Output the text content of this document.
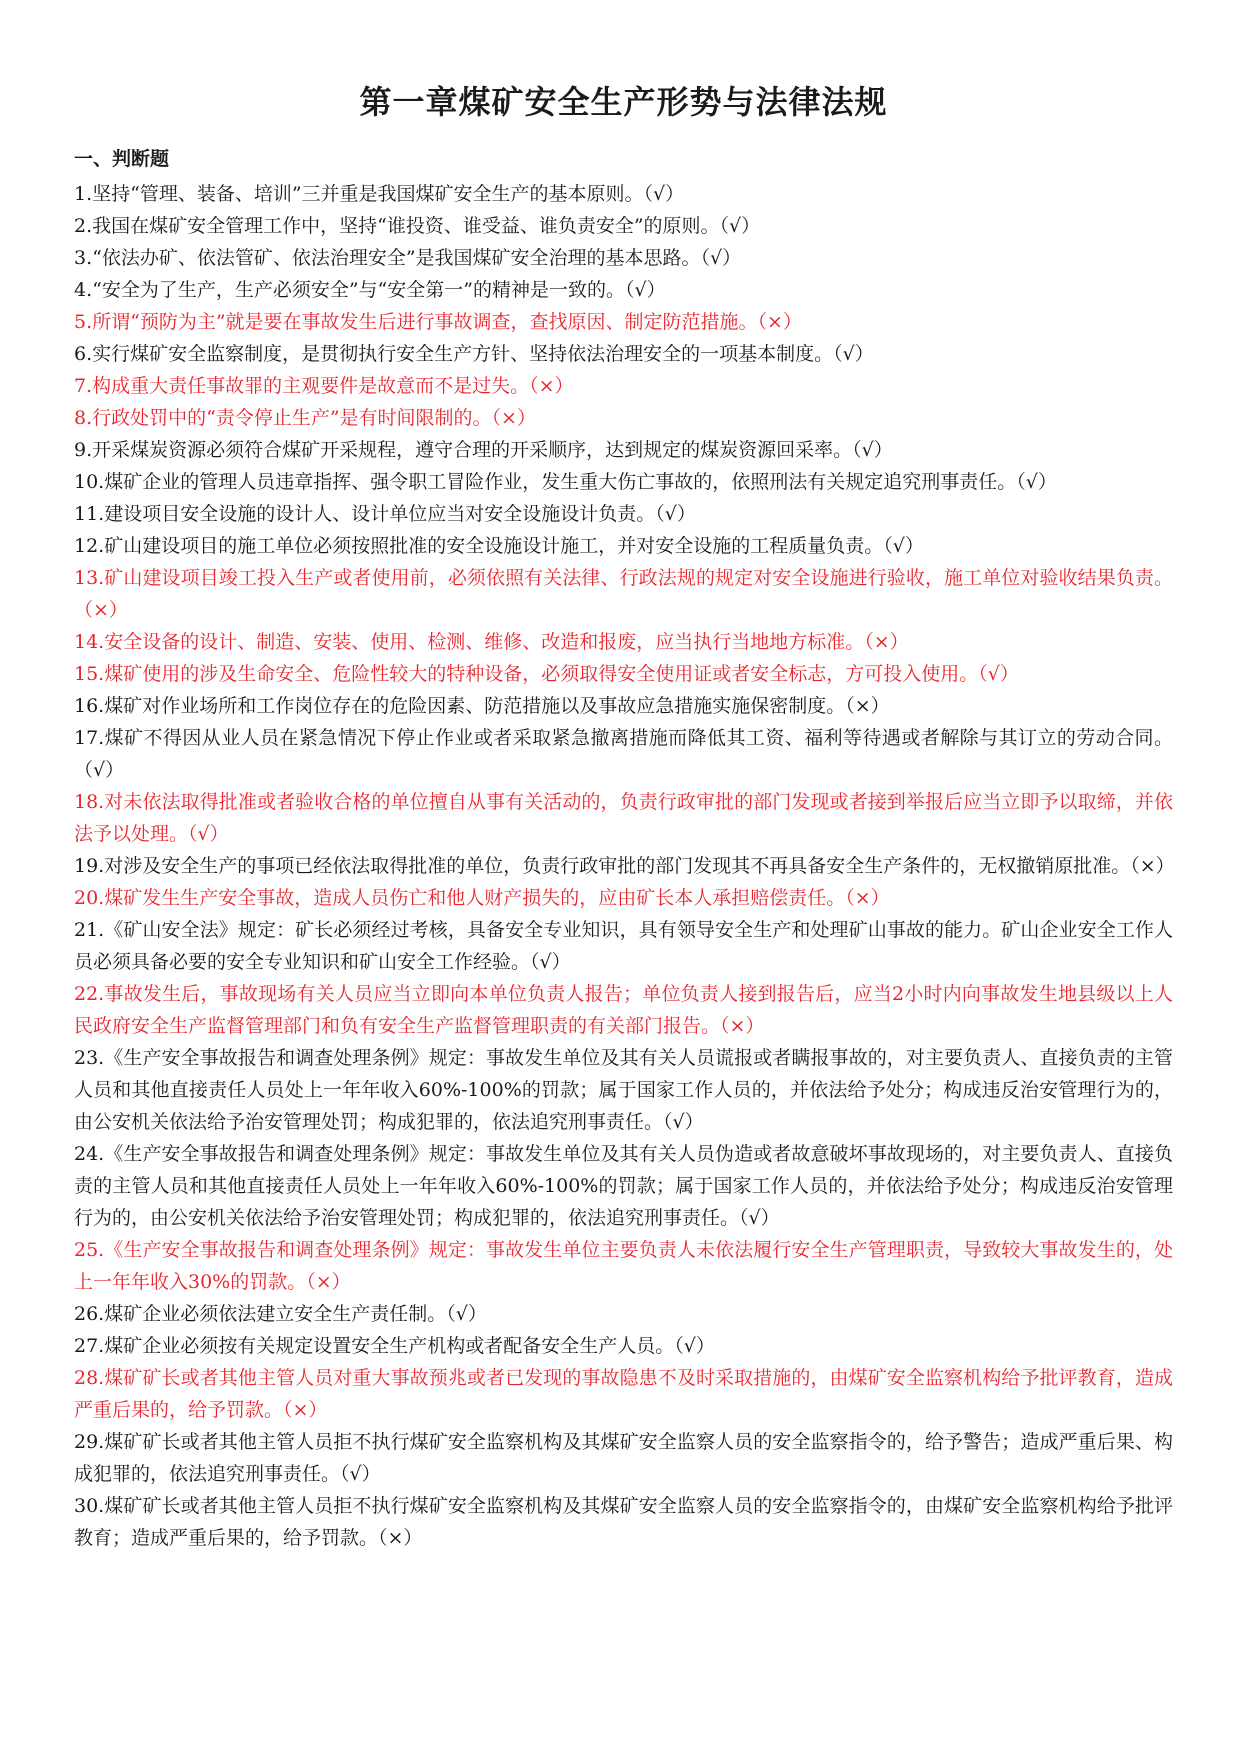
第一章煤矿安全生产形势与法律法规
一、判断题
1.坚持“管理、装备、培训”三并重是我国煤矿安全生产的基本原则。（√）
2.我国在煤矿安全管理工作中，坚持“谁投资、谁受益、谁负责安全”的原则。（√）
3.“依法办矿、依法管矿、依法治理安全”是我国煤矿安全治理的基本思路。（√）
4.“安全为了生产，生产必须安全”与“安全第一”的精神是一致的。（√）
5.所谓“预防为主”就是要在事故发生后进行事故调查，查找原因、制定防范措施。（×）
6.实行煤矿安全监察制度，是贯彻执行安全生产方针、坚持依法治理安全的一项基本制度。（√）
7.构成重大责任事故罪的主观要件是故意而不是过失。（×）
8.行政处罚中的“责令停止生产”是有时间限制的。（×）
9.开采煤炭资源必须符合煤矿开采规程，遵守合理的开采顺序，达到规定的煤炭资源回采率。（√）
10.煤矿企业的管理人员违章指挥、强令职工冒险作业，发生重大伤亡事故的，依照刑法有关规定追究刑事责任。（√）
11.建设项目安全设施的设计人、设计单位应当对安全设施设计负责。（√）
12.矿山建设项目的施工单位必须按照批准的安全设施设计施工，并对安全设施的工程质量负责。（√）
13.矿山建设项目竣工投入生产或者使用前，必须依照有关法律、行政法规的规定对安全设施进行验收，施工单位对验收结果负责。（×）
14.安全设备的设计、制造、安装、使用、检测、维修、改造和报废，应当执行当地地方标准。（×）
15.煤矿使用的涉及生命安全、危险性较大的特种设备，必须取得安全使用证或者安全标志，方可投入使用。（√）
16.煤矿对作业场所和工作岗位存在的危险因素、防范措施以及事故应急措施实施保密制度。（×）
17.煤矿不得因从业人员在紧急情况下停止作业或者采取紧急撤离措施而降低其工资、福利等待遇或者解除与其订立的劳动合同。（√）
18.对未依法取得批准或者验收合格的单位擅自从事有关活动的，负责行政审批的部门发现或者接到举报后应当立即予以取缔，并依法予以处理。（√）
19.对涉及安全生产的事项已经依法取得批准的单位，负责行政审批的部门发现其不再具备安全生产条件的，无权撤销原批准。（×）
20.煤矿发生生产安全事故，造成人员伤亡和他人财产损失的，应由矿长本人承担赔偿责任。（×）
21.《矿山安全法》规定：矿长必须经过考核，具备安全专业知识，具有领导安全生产和处理矿山事故的能力。矿山企业安全工作人员必须具备必要的安全专业知识和矿山安全工作经验。（√）
22.事故发生后，事故现场有关人员应当立即向本单位负责人报告；单位负责人接到报告后，应当2小时内向事故发生地县级以上人民政府安全生产监督管理部门和负有安全生产监督管理职责的有关部门报告。（×）
23.《生产安全事故报告和调查处理条例》规定：事故发生单位及其有关人员谎报或者瞒报事故的，对主要负责人、直接负责的主管人员和其他直接责任人员处上一年年收入60%-100%的罚款；属于国家工作人员的，并依法给予处分；构成违反治安管理行为的，由公安机关依法给予治安管理处罚；构成犯罪的，依法追究刑事责任。（√）
24.《生产安全事故报告和调查处理条例》规定：事故发生单位及其有关人员伪造或者故意破坏事故现场的，对主要负责人、直接负责的主管人员和其他直接责任人员处上一年年收入60%-100%的罚款；属于国家工作人员的，并依法给予处分；构成违反治安管理行为的，由公安机关依法给予治安管理处罚；构成犯罪的，依法追究刑事责任。（√）
25.《生产安全事故报告和调查处理条例》规定：事故发生单位主要负责人未依法履行安全生产管理职责，导致较大事故发生的，处上一年年收入30%的罚款。（×）
26.煤矿企业必须依法建立安全生产责任制。（√）
27.煤矿企业必须按有关规定设置安全生产机构或者配备安全生产人员。（√）
28.煤矿矿长或者其他主管人员对重大事故预兆或者已发现的事故隐患不及时采取措施的，由煤矿安全监察机构给予批评教育，造成严重后果的，给予罚款。（×）
29.煤矿矿长或者其他主管人员拒不执行煤矿安全监察机构及其煤矿安全监察人员的安全监察指令的，给予警告；造成严重后果、构成犯罪的，依法追究刑事责任。（√）
30.煤矿矿长或者其他主管人员拒不执行煤矿安全监察机构及其煤矿安全监察人员的安全监察指令的，由煤矿安全监察机构给予批评教育；造成严重后果的，给予罚款。（×）
